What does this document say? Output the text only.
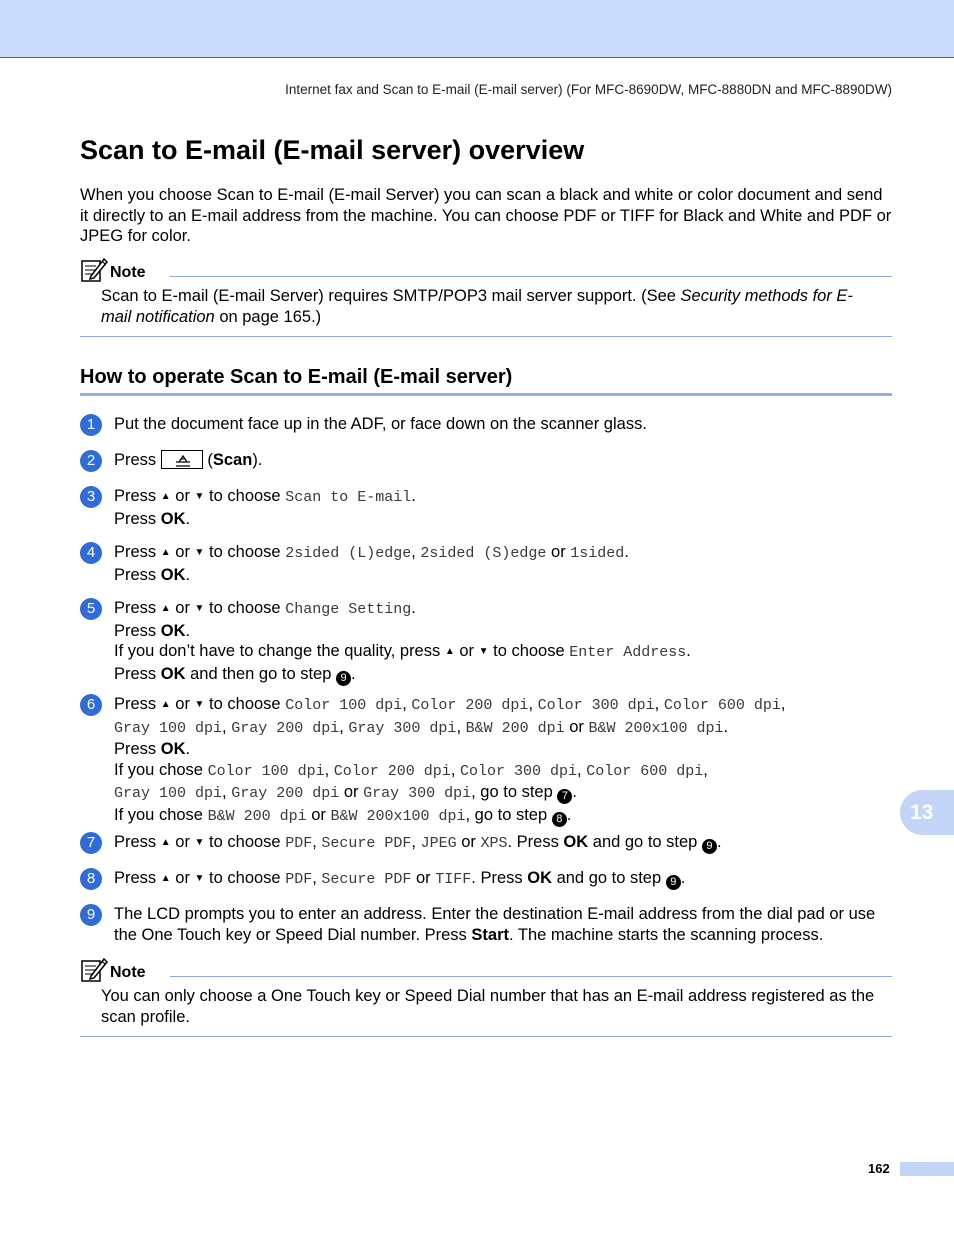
Internet fax and Scan to E-mail (E-mail server) (For MFC-8690DW, MFC-8880DN and MFC-8890DW)
Scan to E-mail (E-mail server) overview

When you choose Scan to E-mail (E-mail Server) you can scan a black and white or color document and send it directly to an E-mail address from the machine. You can choose PDF or TIFF for Black and White and PDF or JPEG for color.

Note
Scan to E-mail (E-mail Server) requires SMTP/POP3 mail server support. (See Security methods for E-mail notification on page 165.)
How to operate Scan to E-mail (E-mail server)
1	Put the document face up in the ADF, or face down on the scanner glass.
2	Press	(Scan).
3	Press ▲ or ▼ to choose Scan to E-mail.
Press OK.
4	Press ▲ or ▼ to choose 2sided (L)edge, 2sided (S)edge or 1sided.
Press OK.
5	Press ▲ or ▼ to choose Change Setting.
Press OK.
If you don’t have to change the quality, press ▲ or ▼ to choose Enter Address.
Press OK and then go to step 9 .
6	Press ▲ or ▼ to choose Color 100 dpi, Color 200 dpi, Color 300 dpi, Color 600 dpi,
Gray 100 dpi, Gray 200 dpi, Gray 300 dpi, B&W 200 dpi or B&W 200x100 dpi.
Press OK.
If you chose Color 100 dpi, Color 200 dpi, Color 300 dpi, Color 600 dpi,
Gray 100 dpi, Gray 200 dpi or Gray 300 dpi, go to step 7 .
If you chose B&W 200 dpi or B&W 200x100 dpi, go to step 8 .
7	Press ▲ or ▼ to choose PDF, Secure PDF, JPEG or XPS. Press OK and go to step 9 .
8	Press ▲ or ▼ to choose PDF, Secure PDF or TIFF. Press OK and go to step 9 .
9	The LCD prompts you to enter an address. Enter the destination E-mail address from the dial pad or use the One Touch key or Speed Dial number. Press Start. The machine starts the scanning process.
Note
You can only choose a One Touch key or Speed Dial number that has an E-mail address registered as the scan profile.
13
162
